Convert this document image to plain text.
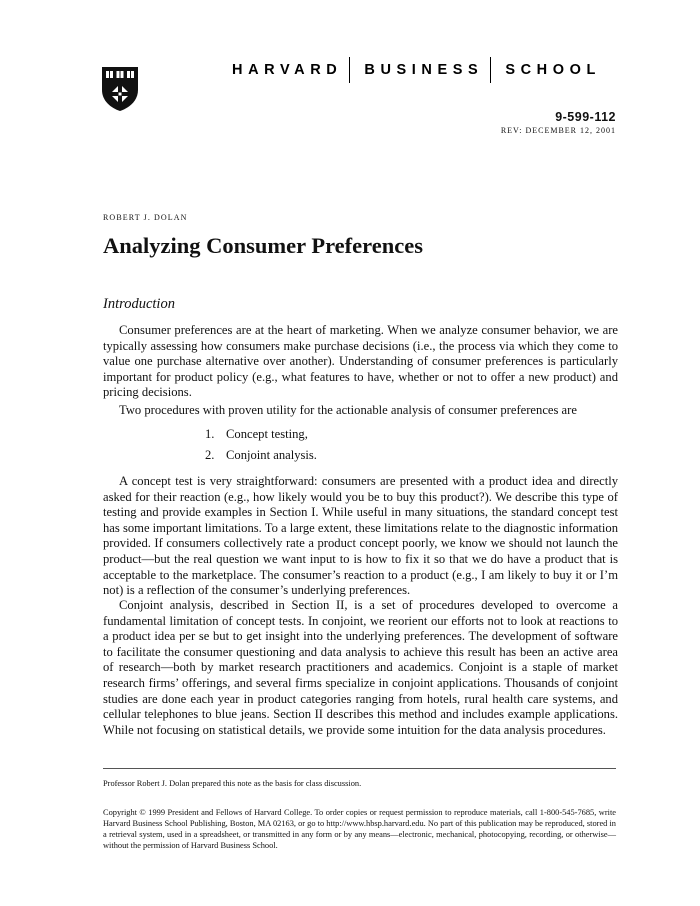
HARVARD BUSINESS SCHOOL
9-599-112
REV: DECEMBER 12, 2001
ROBERT J. DOLAN
Analyzing Consumer Preferences
Introduction

Consumer preferences are at the heart of marketing. When we analyze consumer behavior, we are typically assessing how consumers make purchase decisions (i.e., the process via which they come to value one purchase alternative over another). Understanding of consumer preferences is particularly important for product policy (e.g., what features to have, whether or not to offer a new product) and pricing decisions.

Two procedures with proven utility for the actionable analysis of consumer preferences are

1. Concept testing,
2. Conjoint analysis.

A concept test is very straightforward: consumers are presented with a product idea and directly asked for their reaction (e.g., how likely would you be to buy this product?). We describe this type of testing and provide examples in Section I. While useful in many situations, the standard concept test has some important limitations. To a large extent, these limitations relate to the diagnostic information provided. If consumers collectively rate a product concept poorly, we know we should not launch the product—but the real question we want input to is how to fix it so that we do have a product that is acceptable to the marketplace. The consumer’s reaction to a product (e.g., I am likely to buy it or I’m not) is a reflection of the consumer’s underlying preferences.

Conjoint analysis, described in Section II, is a set of procedures developed to overcome a fundamental limitation of concept tests. In conjoint, we reorient our efforts not to look at reactions to a product idea per se but to get insight into the underlying preferences. The development of software to facilitate the consumer questioning and data analysis to achieve this result has been an active area of research—both by market research practitioners and academics. Conjoint is a staple of market research firms’ offerings, and several firms specialize in conjoint applications. Thousands of conjoint studies are done each year in product categories ranging from hotels, rural health care systems, and cellular telephones to blue jeans. Section II describes this method and includes example applications. While not focusing on statistical details, we provide some intuition for the data analysis procedures.

Professor Robert J. Dolan prepared this note as the basis for class discussion.

Copyright © 1999 President and Fellows of Harvard College. To order copies or request permission to reproduce materials, call 1-800-545-7685, write Harvard Business School Publishing, Boston, MA 02163, or go to http://www.hbsp.harvard.edu. No part of this publication may be reproduced, stored in a retrieval system, used in a spreadsheet, or transmitted in any form or by any means—electronic, mechanical, photocopying, recording, or otherwise—without the permission of Harvard Business School.
